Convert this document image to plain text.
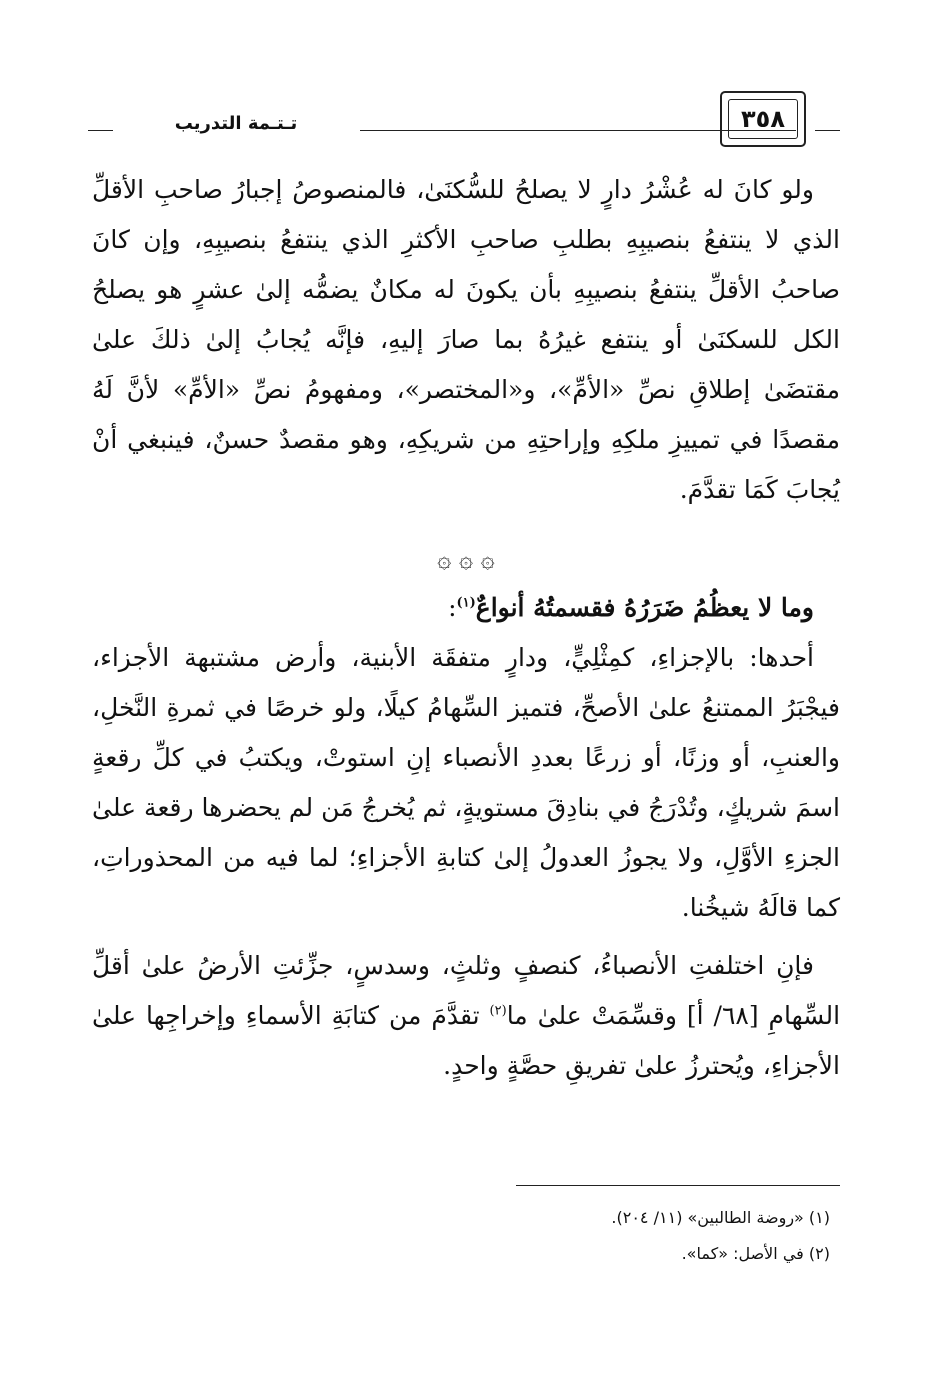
تـتـمة التدريب	٣٥٨

ولو كانَ له عُشْرُ دارٍ لا يصلحُ للسُّكنَىٰ، فالمنصوصُ إجبارُ صاحبِ الأقلِّ الذي لا ينتفعُ بنصيبِهِ بطلبِ صاحبِ الأكثرِ الذي ينتفعُ بنصيبِهِ، وإن كانَ صاحبُ الأقلِّ ينتفعُ بنصيبِهِ بأن يكونَ له مكانٌ يضمُّه إلىٰ عشرٍ هو يصلحُ الكل للسكنَىٰ أو ينتفع غيرُهُ بما صارَ إليهِ، فإنَّه يُجابُ إلىٰ ذلكَ علىٰ مقتضَىٰ إطلاقِ نصِّ «الأمِّ»، و«المختصر»، ومفهومُ نصِّ «الأمِّ» لأنَّ لَهُ مقصدًا في تمييزِ ملكِهِ وإراحتِهِ من شريكِهِ، وهو مقصدٌ حسنٌ، فينبغي أنْ يُجابَ كَمَا تقدَّمَ.

۞ ۞ ۞

وما لا يعظُمُ ضَرَرُهُ فقسمتُهُ أنواعٌ$^{(١)}$:

أحدها: بالإجزاءِ، كمِثْلِيٍّ، ودارٍ متفقَة الأبنية، وأرض مشتبهة الأجزاء، فيجْبَرُ الممتنعُ علىٰ الأصحِّ، فتميز السِّهامُ كيلًا، ولو خرصًا في ثمرةِ النَّخلِ، والعنبِ، أو وزنًا، أو زرعًا بعددِ الأنصباء إنِ استوتْ، ويكتبُ في كلِّ رقعةٍ اسمَ شريكٍ، وتُدْرَجُ في بنادِقَ مستويةٍ، ثم يُخرجُ مَن لم يحضرها رقعة علىٰ الجزءِ الأوَّلِ، ولا يجوزُ العدولُ إلىٰ كتابةِ الأجزاءِ؛ لما فيه من المحذوراتِ، كما قالَهُ شيخُنا.

فإنِ اختلفتِ الأنصباءُ، كنصفٍ وثلثٍ، وسدسٍ، جزِّئتِ الأرضُ علىٰ أقلِّ السِّهامِ [٦٨/ أ] وقسِّمَتْ علىٰ ما$^{(٢)}$ تقدَّمَ من كتابَةِ الأسماءِ وإخراجِها علىٰ الأجزاءِ، ويُحترزُ علىٰ تفريقِ حصَّةٍ واحدٍ.

(١) «روضة الطالبين» (١١/ ٢٠٤).

(٢) في الأصل: «كما».
